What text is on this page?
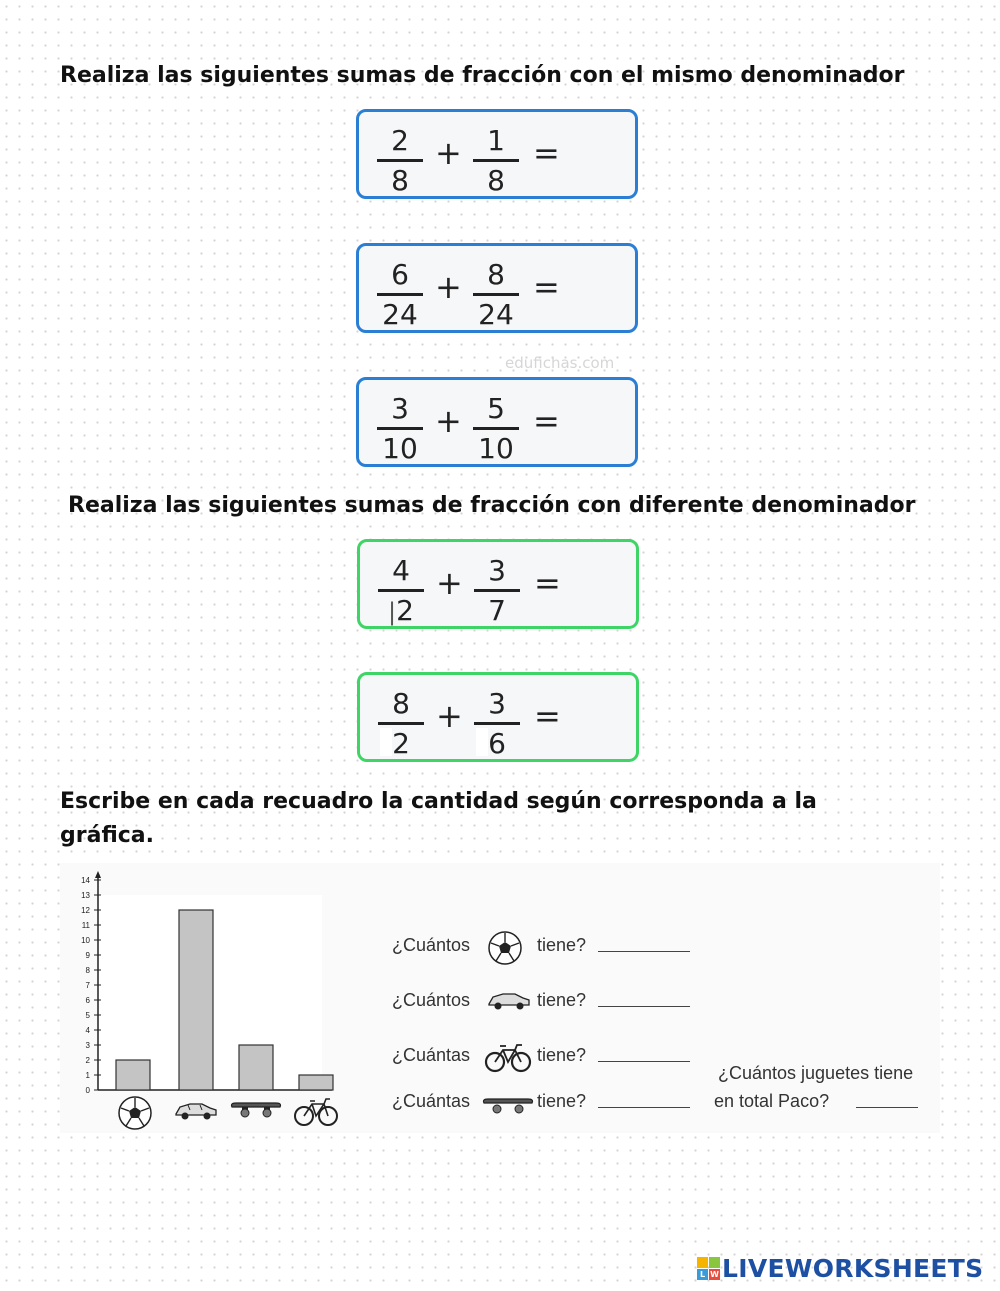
Realiza las siguientes sumas de fracción con el mismo denominador
2
8
+ 1
8
=
6
24
+ 8
24
=
edufichas.com
3
10
+ 5
10
=
Realiza las siguientes sumas de fracción con diferente denominador
4
|2
+ 3
7
=
8
2
+ 3
6
=
Escribe en cada recuadro la cantidad según corresponda a la
gráfica.
0
1
2
3
4
5
6
7
8
9
10
11
12
13
14
¿Cuántos	tiene?
¿Cuántos	tiene?
¿Cuántas	tiene?
¿Cuántas	tiene?
¿Cuántos juguetes tiene
en total Paco?
L W LIVEWORKSHEETS
